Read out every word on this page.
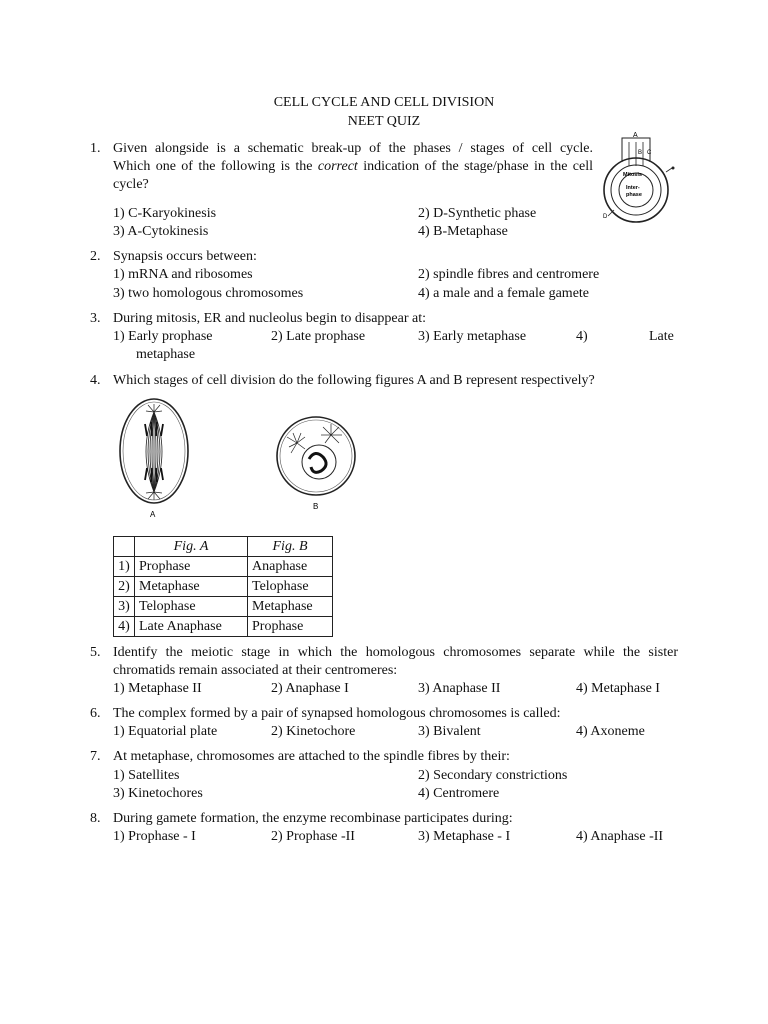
CELL CYCLE AND CELL DIVISION
NEET QUIZ
1. Given alongside is a schematic break-up of the phases / stages of cell cycle.
Which one of the following is the correct indication of the stage/phase in the cell
cycle?
1) C-Karyokinesis	2) D-Synthetic phase
3) A-Cytokinesis	4) B-Metaphase
A
B C
D
Mitosis
Inter-
phase
2. Synapsis occurs between:
1) mRNA and ribosomes	2) spindle fibres and centromere
3) two homologous chromosomes	4) a male and a female gamete
3. During mitosis, ER and nucleolus begin to disappear at:
1) Early prophase	2) Late prophase	3) Early metaphase	4)	Late
metaphase
4. Which stages of cell division do the following figures A and B represent respectively?
A
B
	Fig. A	Fig. B
1)	Prophase	Anaphase
2)	Metaphase	Telophase
3)	Telophase	Metaphase
4)	Late Anaphase	Prophase
5. Identify the meiotic stage in which the homologous chromosomes separate while the sister
chromatids remain associated at their centromeres:
1) Metaphase II	2) Anaphase I	3) Anaphase II	4) Metaphase I
6. The complex formed by a pair of synapsed homologous chromosomes is called:
1) Equatorial plate	2) Kinetochore	3) Bivalent	4) Axoneme
7. At metaphase, chromosomes are attached to the spindle fibres by their:
1) Satellites	2) Secondary constrictions
3) Kinetochores	4) Centromere
8. During gamete formation, the enzyme recombinase participates during:
1) Prophase - I	2) Prophase -II	3) Metaphase - I	4) Anaphase -II
